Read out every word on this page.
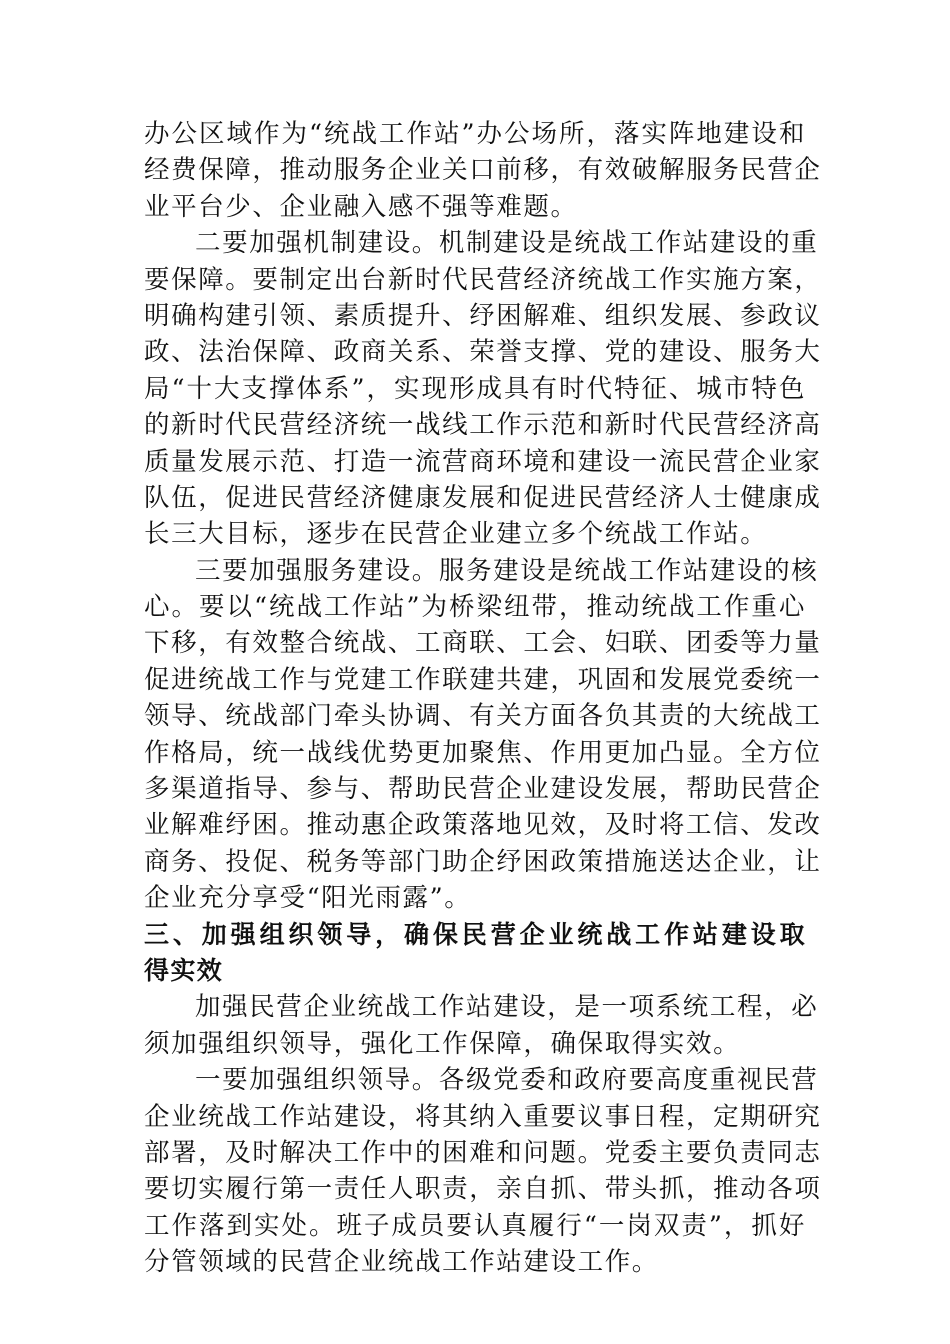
办公区域作为“统战工作站”办公场所，落实阵地建设和
经费保障，推动服务企业关口前移，有效破解服务民营企
业平台少、企业融入感不强等难题。
二要加强机制建设。机制建设是统战工作站建设的重
要保障。要制定出台新时代民营经济统战工作实施方案，
明确构建引领、素质提升、纾困解难、组织发展、参政议
政、法治保障、政商关系、荣誉支撑、党的建设、服务大
局“十大支撑体系”，实现形成具有时代特征、城市特色
的新时代民营经济统一战线工作示范和新时代民营经济高
质量发展示范、打造一流营商环境和建设一流民营企业家
队伍，促进民营经济健康发展和促进民营经济人士健康成
长三大目标，逐步在民营企业建立多个统战工作站。
三要加强服务建设。服务建设是统战工作站建设的核
心。要以“统战工作站”为桥梁纽带，推动统战工作重心
下移，有效整合统战、工商联、工会、妇联、团委等力量
促进统战工作与党建工作联建共建，巩固和发展党委统一
领导、统战部门牵头协调、有关方面各负其责的大统战工
作格局，统一战线优势更加聚焦、作用更加凸显。全方位
多渠道指导、参与、帮助民营企业建设发展，帮助民营企
业解难纾困。推动惠企政策落地见效，及时将工信、发改
商务、投促、税务等部门助企纾困政策措施送达企业，让
企业充分享受“阳光雨露”。
三、加强组织领导，确保民营企业统战工作站建设取
得实效
加强民营企业统战工作站建设，是一项系统工程，必
须加强组织领导，强化工作保障，确保取得实效。
一要加强组织领导。各级党委和政府要高度重视民营
企业统战工作站建设，将其纳入重要议事日程，定期研究
部署，及时解决工作中的困难和问题。党委主要负责同志
要切实履行第一责任人职责，亲自抓、带头抓，推动各项
工作落到实处。班子成员要认真履行“一岗双责”，抓好
分管领域的民营企业统战工作站建设工作。
